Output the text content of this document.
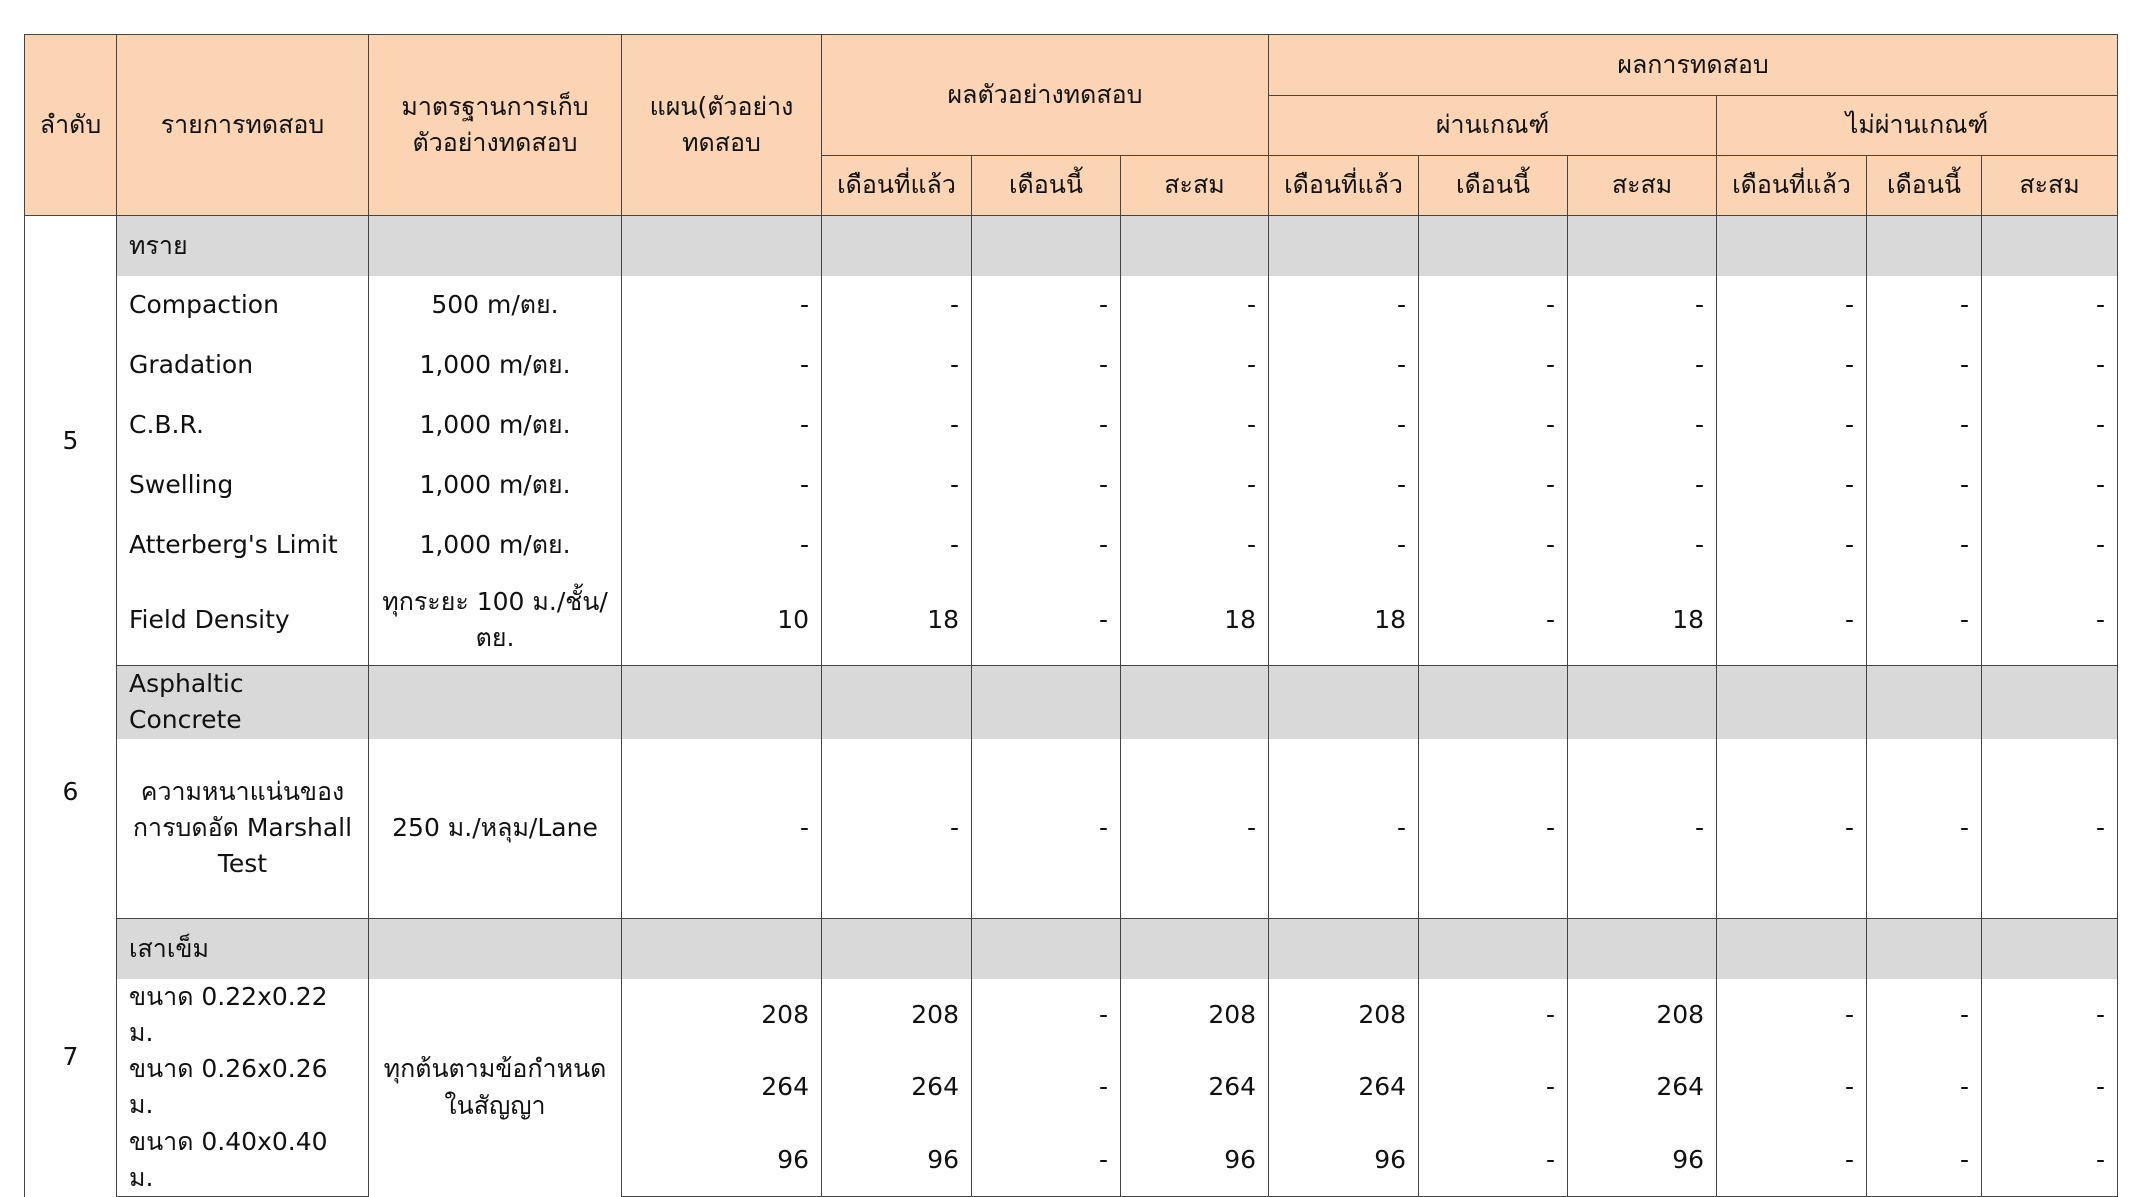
ลำดับ	รายการทดสอบ	มาตรฐานการเก็บตัวอย่างทดสอบ	แผน(ตัวอย่างทดสอบ	ผลตัวอย่างทดสอบ			ผลการทดสอบ					
							ผ่านเกณฑ์			ไม่ผ่านเกณฑ์		
				เดือนที่แล้ว	เดือนนี้	สะสม	เดือนที่แล้ว	เดือนนี้	สะสม	เดือนที่แล้ว	เดือนนี้	สะสม
5	ทราย											
	Compaction	500 m/ตย.	-	-	-	-	-	-	-	-	-	-
	Gradation	1,000 m/ตย.	-	-	-	-	-	-	-	-	-	-
	C.B.R.	1,000 m/ตย.	-	-	-	-	-	-	-	-	-	-
	Swelling	1,000 m/ตย.	-	-	-	-	-	-	-	-	-	-
	Atterberg's Limit	1,000 m/ตย.	-	-	-	-	-	-	-	-	-	-
	Field Density	ทุกระยะ 100 ม./ชั้น/ตย.	10	18	-	18	18	-	18	-	-	-
6	Asphaltic Concrete											
	ความหนาแน่นของการบดอัด Marshall Test	250 ม./หลุม/Lane	-	-	-	-	-	-	-	-	-	-
7	เสาเข็ม											
	ขนาด 0.22x0.22 ม.	ทุกต้นตามข้อกำหนดในสัญญา	208	208	-	208	208	-	208	-	-	-
	ขนาด 0.26x0.26 ม.		264	264	-	264	264	-	264	-	-	-
	ขนาด 0.40x0.40 ม.		96	96	-	96	96	-	96	-	-	-
